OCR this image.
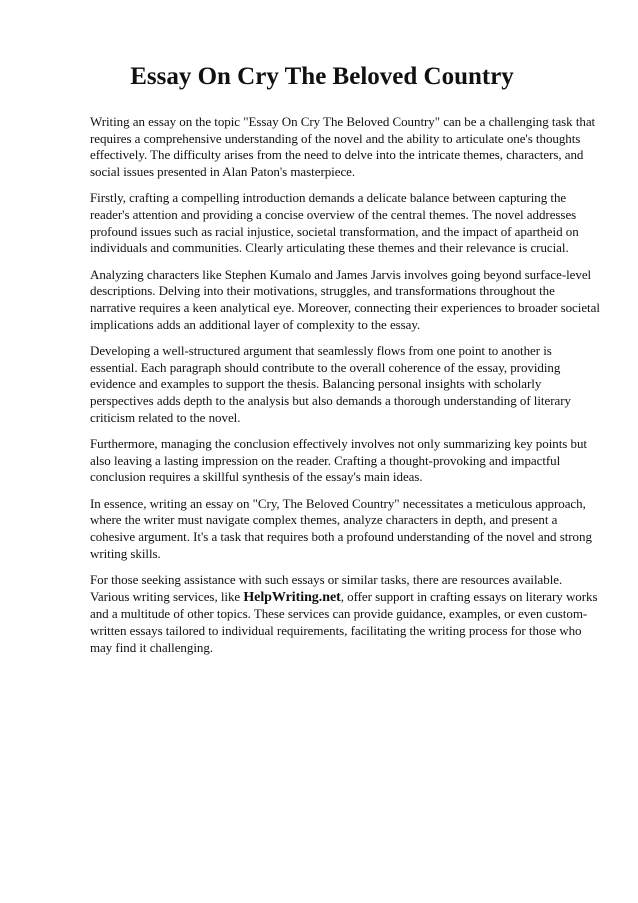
Essay On Cry The Beloved Country

Writing an essay on the topic "Essay On Cry The Beloved Country" can be a challenging task that requires a comprehensive understanding of the novel and the ability to articulate one's thoughts effectively. The difficulty arises from the need to delve into the intricate themes, characters, and social issues presented in Alan Paton's masterpiece.

Firstly, crafting a compelling introduction demands a delicate balance between capturing the reader's attention and providing a concise overview of the central themes. The novel addresses profound issues such as racial injustice, societal transformation, and the impact of apartheid on individuals and communities. Clearly articulating these themes and their relevance is crucial.

Analyzing characters like Stephen Kumalo and James Jarvis involves going beyond surface-level descriptions. Delving into their motivations, struggles, and transformations throughout the narrative requires a keen analytical eye. Moreover, connecting their experiences to broader societal implications adds an additional layer of complexity to the essay.

Developing a well-structured argument that seamlessly flows from one point to another is essential. Each paragraph should contribute to the overall coherence of the essay, providing evidence and examples to support the thesis. Balancing personal insights with scholarly perspectives adds depth to the analysis but also demands a thorough understanding of literary criticism related to the novel.

Furthermore, managing the conclusion effectively involves not only summarizing key points but also leaving a lasting impression on the reader. Crafting a thought-provoking and impactful conclusion requires a skillful synthesis of the essay's main ideas.

In essence, writing an essay on "Cry, The Beloved Country" necessitates a meticulous approach, where the writer must navigate complex themes, analyze characters in depth, and present a cohesive argument. It's a task that requires both a profound understanding of the novel and strong writing skills.

For those seeking assistance with such essays or similar tasks, there are resources available. Various writing services, like HelpWriting.net, offer support in crafting essays on literary works and a multitude of other topics. These services can provide guidance, examples, or even custom-written essays tailored to individual requirements, facilitating the writing process for those who may find it challenging.
